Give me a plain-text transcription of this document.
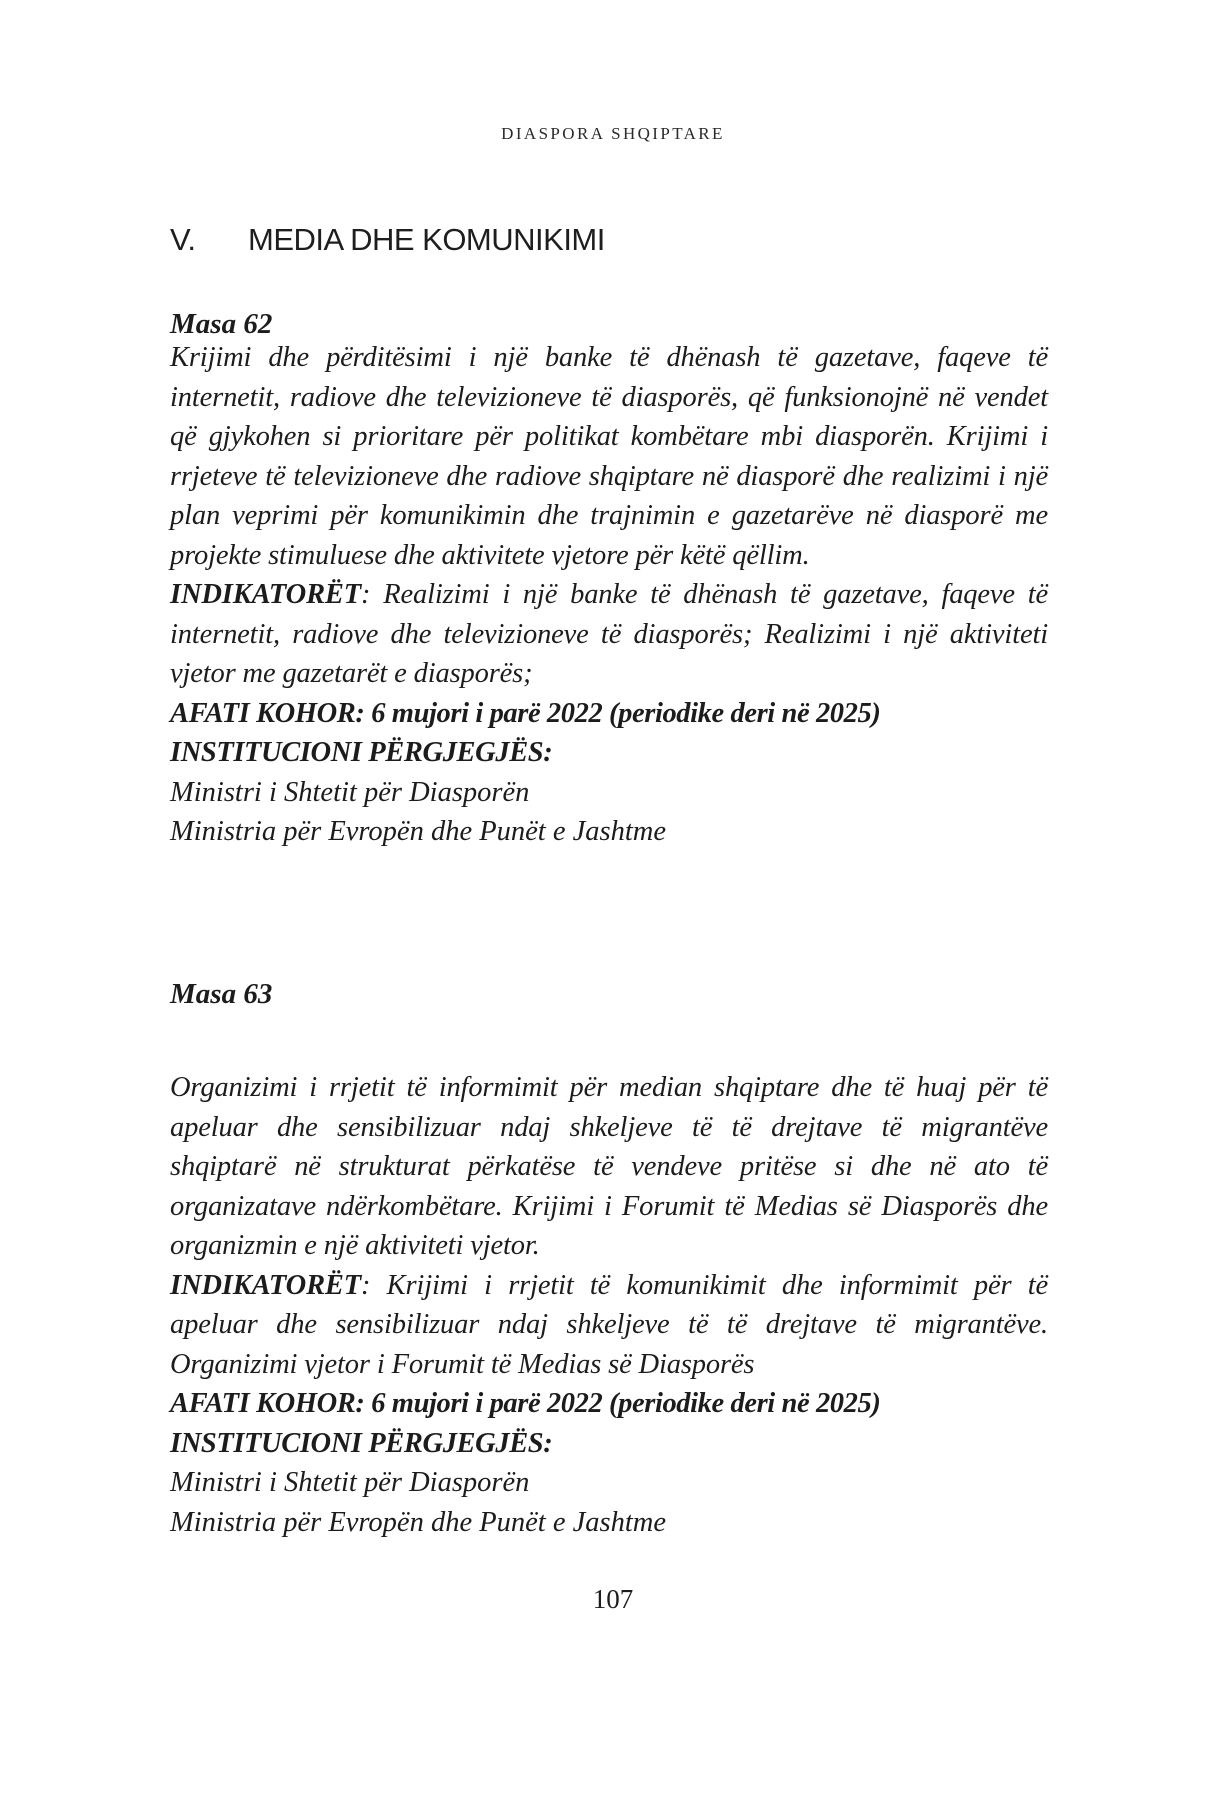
DIASPORA SHQIPTARE
V. MEDIA DHE KOMUNIKIMI
Masa 62

Krijimi dhe përditësimi i një banke të dhënash të gazetave, faqeve të internetit, radiove dhe televizioneve të diasporës, që funksionojnë në vendet që gjykohen si prioritare për politikat kombëtare mbi diasporën. Krijimi i rrjeteve të televizioneve dhe radiove shqiptare në diasporë dhe realizimi i një plan veprimi për komunikimin dhe trajnimin e gazetarëve në diasporë me projekte stimuluese dhe aktivitete vjetore për këtë qëllim.

INDIKATORËT: Realizimi i një banke të dhënash të gazetave, faqeve të internetit, radiove dhe televizioneve të diasporës; Realizimi i një aktiviteti vjetor me gazetarët e diasporës;

AFATI KOHOR: 6 mujori i parë 2022 (periodike deri në 2025)

INSTITUCIONI PËRGJEGJËS:

Ministri i Shtetit për Diasporën

Ministria për Evropën dhe Punët e Jashtme

Masa 63

Organizimi i rrjetit të informimit për median shqiptare dhe të huaj për të apeluar dhe sensibilizuar ndaj shkeljeve të të drejtave të migrantëve shqiptarë në strukturat përkatëse të vendeve pritëse si dhe në ato të organizatave ndërkombëtare. Krijimi i Forumit të Medias së Diasporës dhe organizmin e një aktiviteti vjetor.

INDIKATORËT: Krijimi i rrjetit të komunikimit dhe informimit për të apeluar dhe sensibilizuar ndaj shkeljeve të të drejtave të migrantëve. Organizimi vjetor i Forumit të Medias së Diasporës

AFATI KOHOR: 6 mujori i parë 2022 (periodike deri në 2025)

INSTITUCIONI PËRGJEGJËS:

Ministri i Shtetit për Diasporën

Ministria për Evropën dhe Punët e Jashtme

107
